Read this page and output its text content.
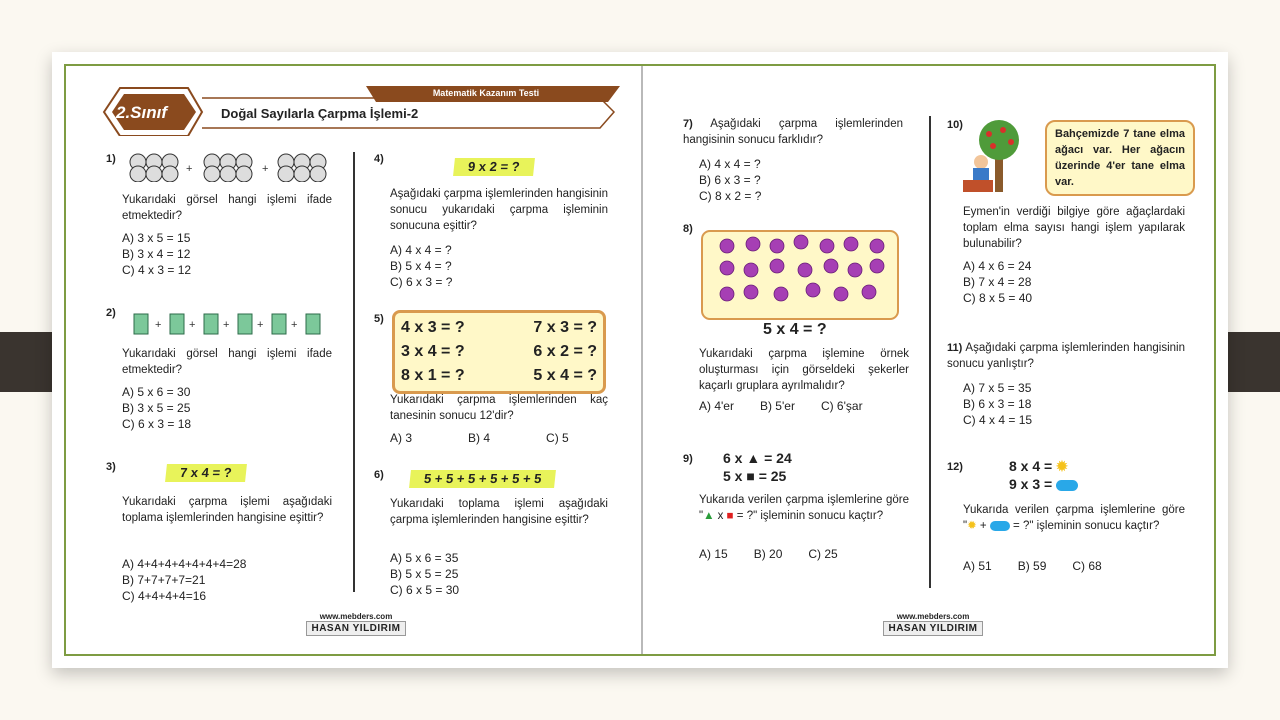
Matematik Kazanım Testi
2.Sınıf	Doğal Sayılarla Çarpma İşlemi-2
1)
+	+
Yukarıdaki görsel hangi işlemi ifade etmektedir?
A) 3 x 5 = 15
B) 3 x 4 = 12
C) 4 x 3 = 12
2)
+	+	+	+	+
Yukarıdaki görsel hangi işlemi ifade etmektedir?
A) 5 x 6 = 30
B) 3 x 5 = 25
C) 6 x 3 = 18
3)	7 x 4 = ?
Yukarıdaki çarpma işlemi aşağıdaki toplama işlemlerinden hangisine eşittir?
A) 4+4+4+4+4+4+4=28
B) 7+7+7+7=21
C) 4+4+4+4=16
4)	9 x 2 = ?
Aşağıdaki çarpma işlemlerinden hangisinin sonucu yukarıdaki çarpma işleminin sonucuna eşittir?
A) 4 x 4 = ?
B) 5 x 4 = ?
C) 6 x 3 = ?
5) 4 x 3 = ?	7 x 3 = ?
3 x 4 = ?	6 x 2 = ?
8 x 1 = ?	5 x 4 = ?
Yukarıdaki çarpma işlemlerinden kaç tanesinin sonucu 12'dir?
A) 3	B) 4	C) 5
6)	5 + 5 + 5 + 5 + 5 + 5
Yukarıdaki toplama işlemi aşağıdaki çarpma işlemlerinden hangisine eşittir?
A) 5 x 6 = 35
B) 5 x 5 = 25
C) 6 x 5 = 30
www.mebders.com
HASAN YILDIRIM
7) Aşağıdaki çarpma işlemlerinden hangisinin sonucu farklıdır?
A) 4 x 4 = ?
B) 6 x 3 = ?
C) 8 x 2 = ?
8)
5 x 4 = ?
Yukarıdaki çarpma işlemine örnek oluşturması için görseldeki şekerler kaçarlı gruplara ayrılmalıdır?
A) 4'er B) 5'er C) 6'şar
9) 6 x ▲ = 24
5 x ■ = 25
Yukarıda verilen çarpma işlemlerine göre "▲ x ■ = ?" işleminin sonucu kaçtır?
A) 15 B) 20 C) 25
10)
Bahçemizde 7 tane elma ağacı var. Her ağacın üzerinde 4'er tane elma var.
Eymen'in verdiği bilgiye göre ağaçlardaki toplam elma sayısı hangi işlem yapılarak bulunabilir?
A) 4 x 6 = 24
B) 7 x 4 = 28
C) 8 x 5 = 40
11) Aşağıdaki çarpma işlemlerinden hangisinin sonucu yanlıştır?
A) 7 x 5 = 35
B) 6 x 3 = 18
C) 4 x 4 = 15
12)	8 x 4 = ✹
9 x 3 =
Yukarıda verilen çarpma işlemlerine göre "✹ +  = ?" işleminin sonucu kaçtır?
A) 51 B) 59 C) 68
www.mebders.com
HASAN YILDIRIM
